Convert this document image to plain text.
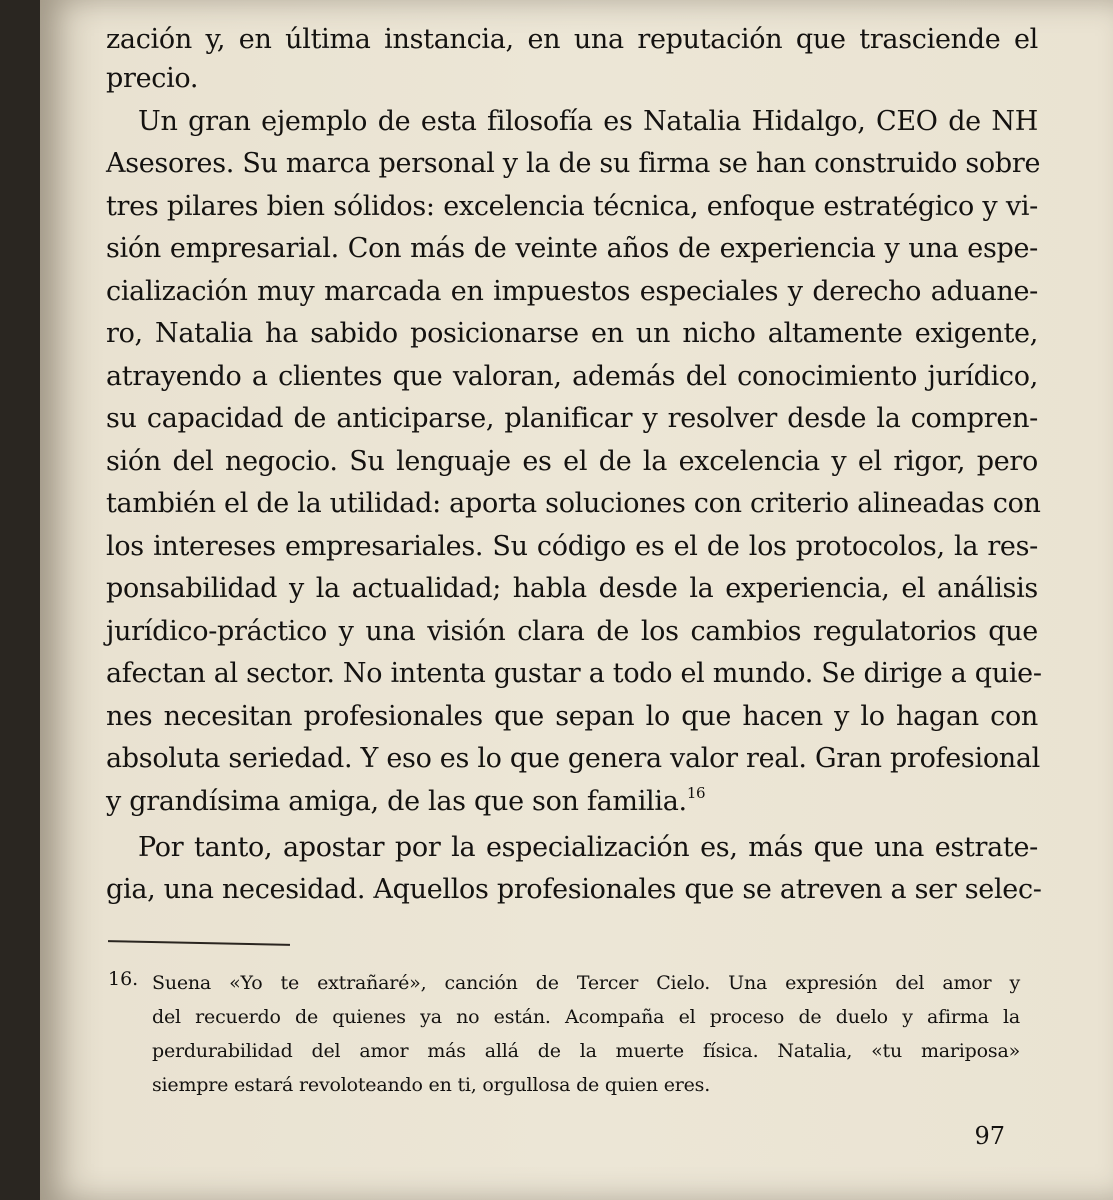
zación y, en última instancia, en una reputación que trasciende el
precio.
Un gran ejemplo de esta filosofía es Natalia Hidalgo, CEO de NH
Asesores. Su marca personal y la de su firma se han construido sobre
tres pilares bien sólidos: excelencia técnica, enfoque estratégico y vi-
sión empresarial. Con más de veinte años de experiencia y una espe-
cialización muy marcada en impuestos especiales y derecho aduane-
ro, Natalia ha sabido posicionarse en un nicho altamente exigente,
atrayendo a clientes que valoran, además del conocimiento jurídico,
su capacidad de anticiparse, planificar y resolver desde la compren-
sión del negocio. Su lenguaje es el de la excelencia y el rigor, pero
también el de la utilidad: aporta soluciones con criterio alineadas con
los intereses empresariales. Su código es el de los protocolos, la res-
ponsabilidad y la actualidad; habla desde la experiencia, el análisis
jurídico-práctico y una visión clara de los cambios regulatorios que
afectan al sector. No intenta gustar a todo el mundo. Se dirige a quie-
nes necesitan profesionales que sepan lo que hacen y lo hagan con
absoluta seriedad. Y eso es lo que genera valor real. Gran profesional
y grandísima amiga, de las que son familia.$^{16}$
Por tanto, apostar por la especialización es, más que una estrate-
gia, una necesidad. Aquellos profesionales que se atreven a ser selec-
16. Suena «Yo te extrañaré», canción de Tercer Cielo. Una expresión del amor y
del recuerdo de quienes ya no están. Acompaña el proceso de duelo y afirma la
perdurabilidad del amor más allá de la muerte física. Natalia, «tu mariposa»
siempre estará revoloteando en ti, orgullosa de quien eres.
97
